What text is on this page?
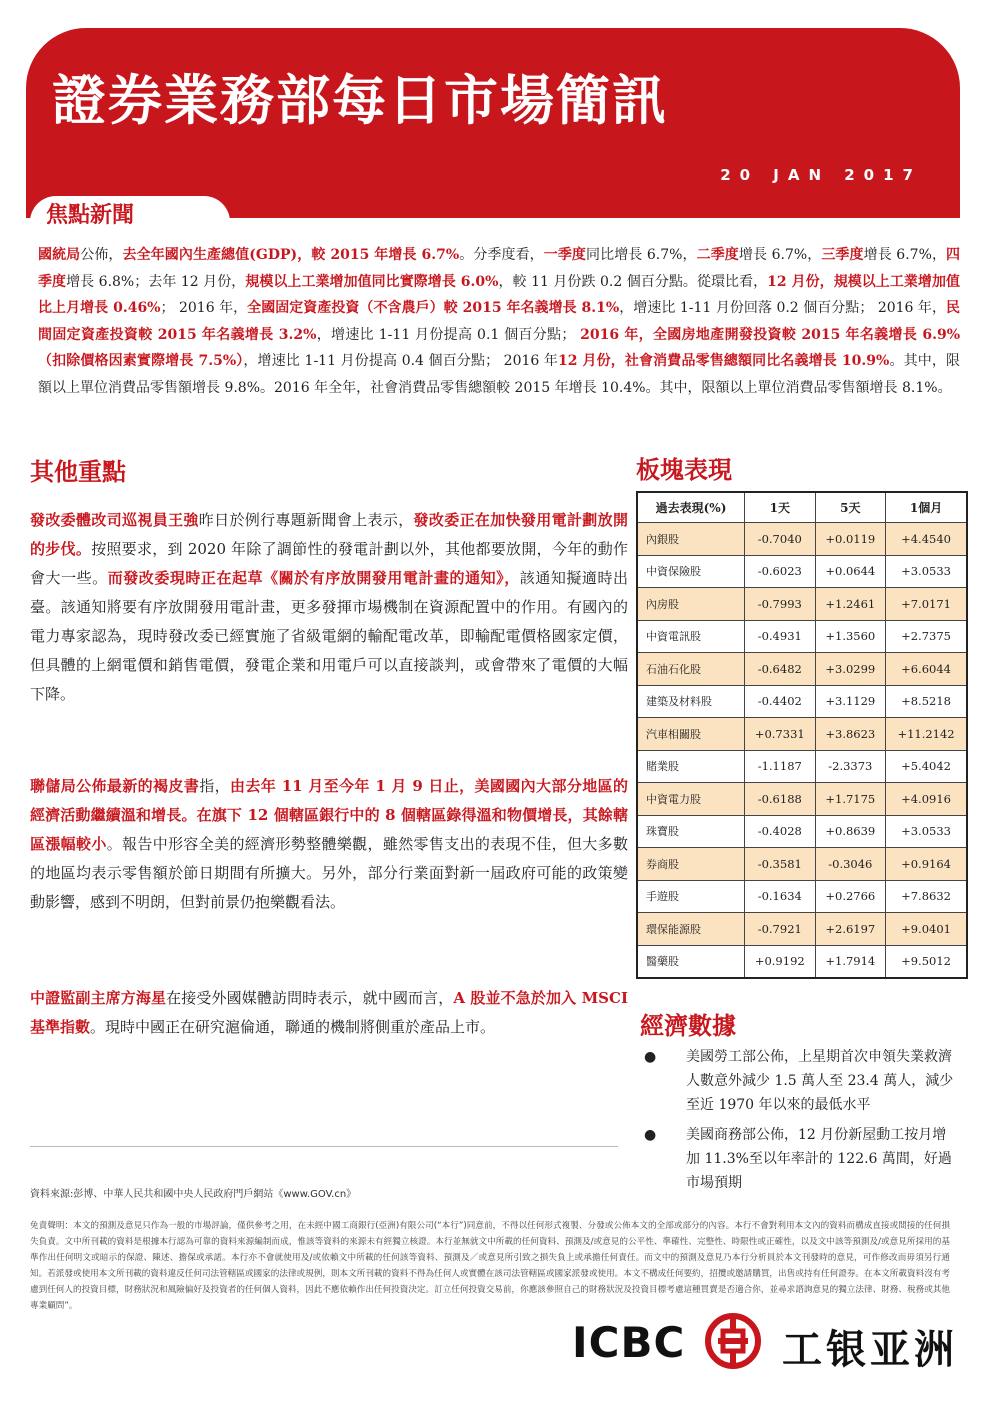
證券業務部每日市場簡訊
20 JAN 2017
焦點新聞
國統局公佈，去全年國內生產總值(GDP)，較 2015 年增長 6.7%。分季度看，一季度同比增長 6.7%，二季度增長 6.7%，三季度增長 6.7%，四季度增長 6.8%；去年 12 月份，規模以上工業增加值同比實際增長 6.0%，較 11 月份跌 0.2 個百分點。從環比看，12 月份，規模以上工業增加值比上月增長 0.46%； 2016 年，全國固定資產投資（不含農戶）較 2015 年名義增長 8.1%，增速比 1-11 月份回落 0.2 個百分點； 2016 年，民間固定資產投資較 2015 年名義增長 3.2%，增速比 1-11 月份提高 0.1 個百分點； 2016 年，全國房地產開發投資較 2015 年名義增長 6.9%（扣除價格因素實際增長 7.5%），增速比 1-11 月份提高 0.4 個百分點； 2016 年12 月份，社會消費品零售總額同比名義增長 10.9%。其中，限額以上單位消費品零售額增長 9.8%。2016 年全年，社會消費品零售總額較 2015 年增長 10.4%。其中，限額以上單位消費品零售額增長 8.1%。
其他重點
發改委體改司巡視員王強昨日於例行專題新聞會上表示，發改委正在加快發用電計劃放開的步伐。按照要求，到 2020 年除了調節性的發電計劃以外，其他都要放開，今年的動作會大一些。而發改委現時正在起草《關於有序放開發用電計畫的通知》，該通知擬適時出臺。該通知將要有序放開發用電計畫，更多發揮市場機制在資源配置中的作用。有國內的電力專家認為，現時發改委已經實施了省級電網的輸配電改革，即輸配電價格國家定價，但具體的上網電價和銷售電價，發電企業和用電戶可以直接談判，或會帶來了電價的大幅下降。
聯儲局公佈最新的褐皮書指，由去年 11 月至今年 1 月 9 日止，美國國內大部分地區的經濟活動繼續溫和增長。在旗下 12 個轄區銀行中的 8 個轄區錄得溫和物價增長，其餘轄區漲幅較小。報告中形容全美的經濟形勢整體樂觀，雖然零售支出的表現不佳，但大多數的地區均表示零售額於節日期間有所擴大。另外，部分行業面對新一屆政府可能的政策變動影響，感到不明朗，但對前景仍抱樂觀看法。
中證監副主席方海星在接受外國媒體訪問時表示，就中國而言，A 股並不急於加入 MSCI 基準指數。現時中國正在研究滬倫通，聯通的機制將側重於產品上市。
板塊表現
過去表現(%)	1天	5天	1個月
內銀股	-0.7040	+0.0119	+4.4540
中資保險股	-0.6023	+0.0644	+3.0533
內房股	-0.7993	+1.2461	+7.0171
中資電訊股	-0.4931	+1.3560	+2.7375
石油石化股	-0.6482	+3.0299	+6.6044
建築及材料股	-0.4402	+3.1129	+8.5218
汽車相關股	+0.7331	+3.8623	+11.2142
賭業股	-1.1187	-2.3373	+5.4042
中資電力股	-0.6188	+1.7175	+4.0916
珠寶股	-0.4028	+0.8639	+3.0533
券商股	-0.3581	-0.3046	+0.9164
手遊股	-0.1634	+0.2766	+7.8632
環保能源股	-0.7921	+2.6197	+9.0401
醫藥股	+0.9192	+1.7914	+9.5012
經濟數據
● 美國勞工部公佈，上星期首次申領失業救濟人數意外減少 1.5 萬人至 23.4 萬人，減少至近 1970 年以來的最低水平
● 美國商務部公佈，12 月份新屋動工按月增加 11.3%至以年率計的 122.6 萬間，好過市場預期
資料來源:彭博、中華人民共和國中央人民政府門戶網站《www.GOV.cn》
免責聲明：本文的預測及意見只作為一般的市場評論，僅供參考之用，在未經中國工商銀行(亞洲)有限公司(“本行”)同意前，不得以任何形式複製、分發或公佈本文的全部或部分的內容。本行不會對利用本文內的資料而構成直接或間接的任何損失負責。文中所刊載的資料是根據本行認為可靠的資料來源編制而成，惟該等資料的來源未有經獨立核證。本行並無就文中所載的任何資料、預測及/或意見的公平性、準確性、完整性、時限性或正確性，以及文中該等預測及/或意見所採用的基準作出任何明文或暗示的保證、陳述、擔保或承諾。本行亦不會就使用及/或依賴文中所載的任何該等資料、預測及／或意見所引致之損失負上或承擔任何責任。而文中的預測及意見乃本行分析員於本文刊發時的意見，可作修改而毋須另行通知。若派發或使用本文所刊載的資料違反任何司法管轄區或國家的法律或規例，則本文所刊載的資料不得為任何人或實體在該司法管轄區或國家派發或使用。本文不構成任何要約，招攬或邀請購買，出售或持有任何證券。在本文所載資料沒有考慮到任何人的投資目標，財務狀況和風險偏好及投資者的任何個人資料，因此不應依賴作出任何投資決定。訂立任何投資交易前，你應該參照自己的財務狀況及投資目標考慮這種買賣是否適合你，並尋求諮詢意見的獨立法律、財務、稅務或其他專業顧問”。
ICBC 工银亚洲
